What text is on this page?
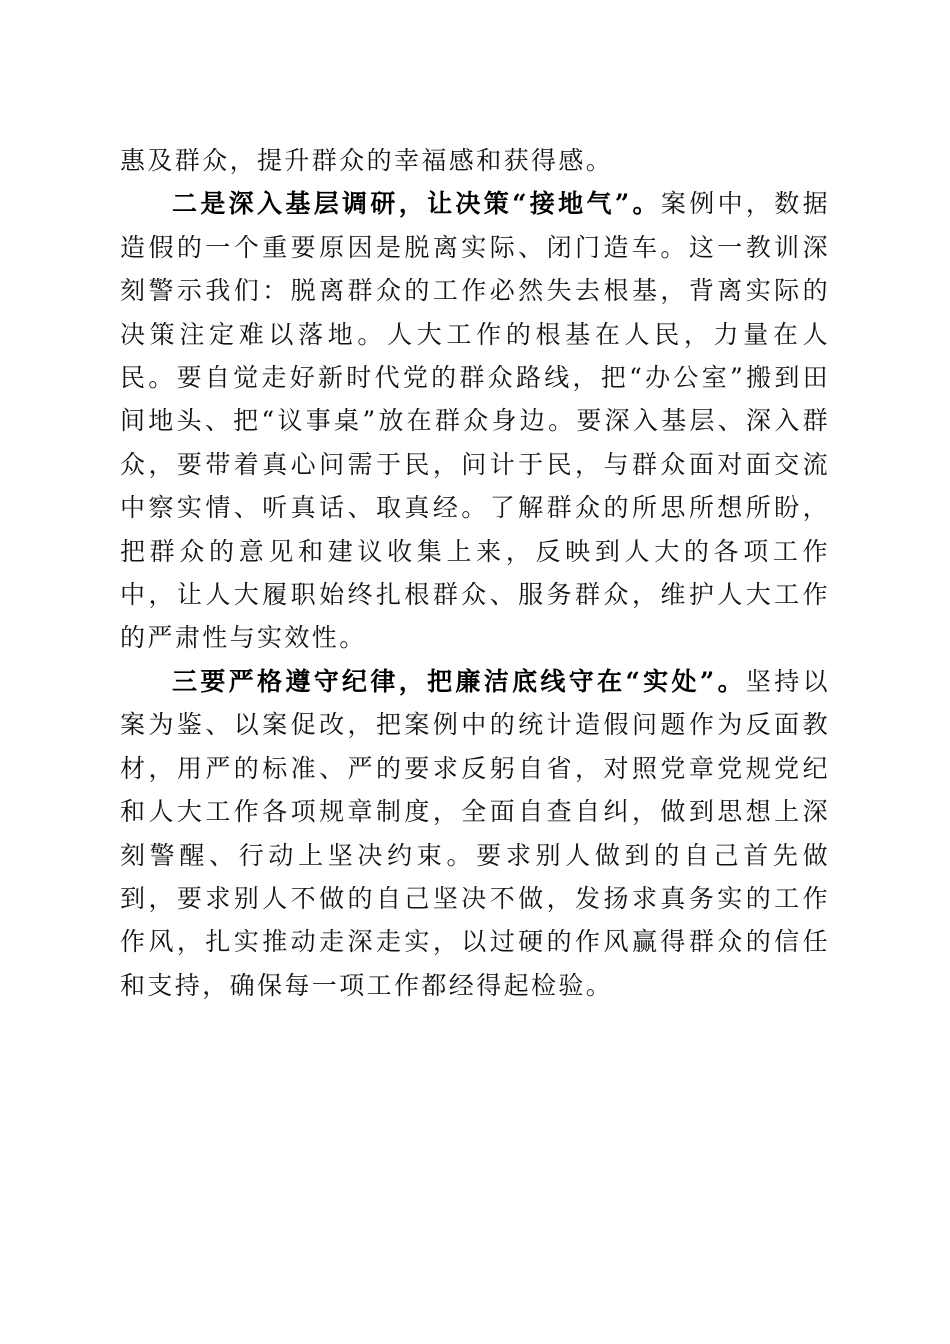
惠及群众，提升群众的幸福感和获得感。

二是深入基层调研，让决策“接地气”。案例中，数据造假的一个重要原因是脱离实际、闭门造车。这一教训深刻警示我们：脱离群众的工作必然失去根基，背离实际的决策注定难以落地。人大工作的根基在人民，力量在人民。要自觉走好新时代党的群众路线，把“办公室”搬到田间地头、把“议事桌”放在群众身边。要深入基层、深入群众，要带着真心问需于民，问计于民，与群众面对面交流中察实情、听真话、取真经。了解群众的所思所想所盼，把群众的意见和建议收集上来，反映到人大的各项工作中，让人大履职始终扎根群众、服务群众，维护人大工作的严肃性与实效性。

三要严格遵守纪律，把廉洁底线守在“实处”。坚持以案为鉴、以案促改，把案例中的统计造假问题作为反面教材，用严的标准、严的要求反躬自省，对照党章党规党纪和人大工作各项规章制度，全面自查自纠，做到思想上深刻警醒、行动上坚决约束。要求别人做到的自己首先做到，要求别人不做的自己坚决不做，发扬求真务实的工作作风，扎实推动走深走实，以过硬的作风赢得群众的信任和支持，确保每一项工作都经得起检验。
